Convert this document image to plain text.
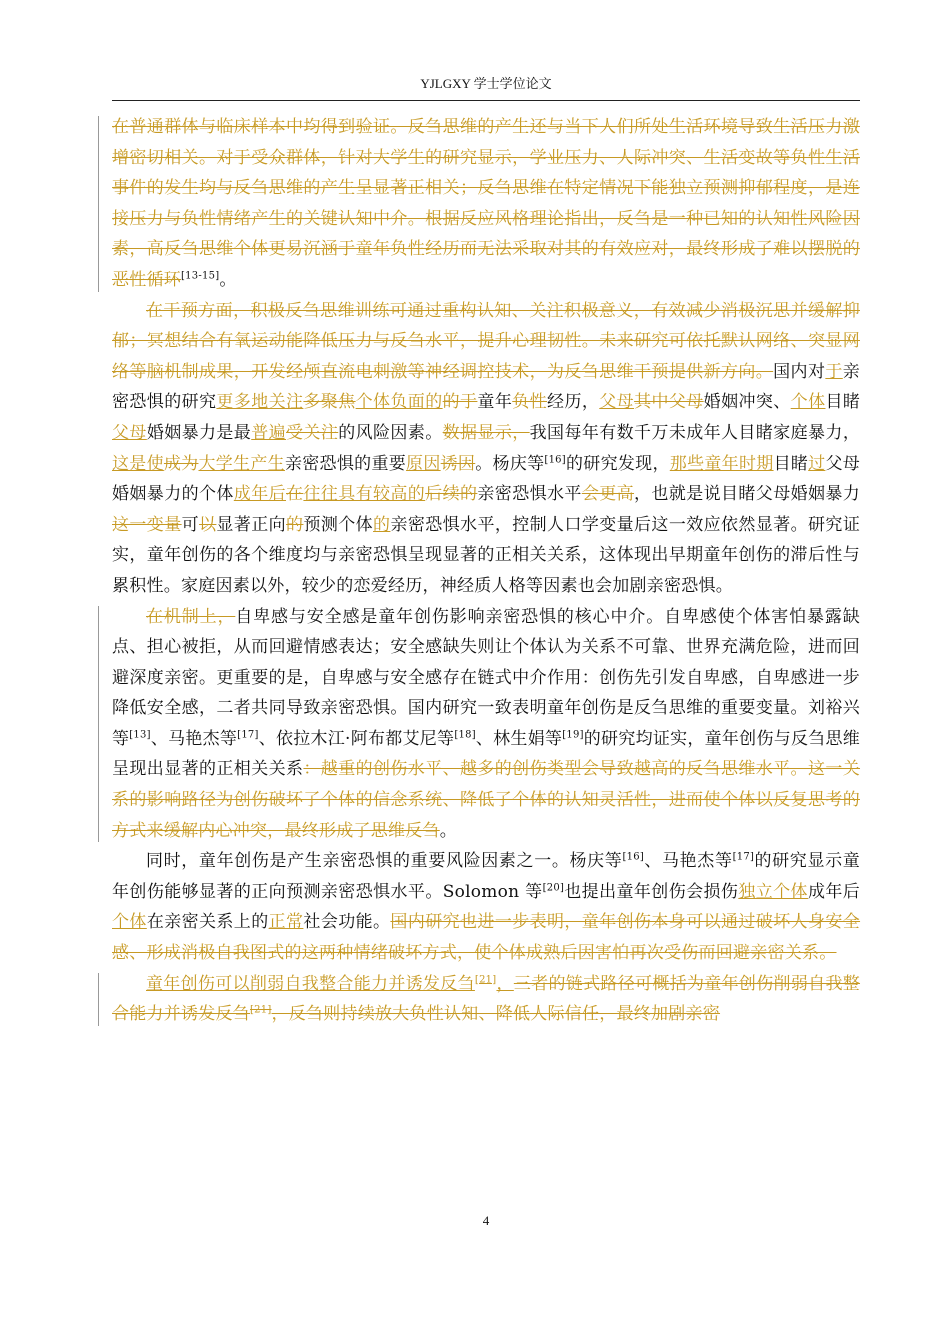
YJLGXY 学士学位论文

在普通群体与临床样本中均得到验证。反刍思维的产生还与当下人们所处生活环境导致生活压力激增密切相关。对于受众群体，针对大学生的研究显示，学业压力、人际冲突、生活变故等负性生活事件的发生均与反刍思维的产生呈显著正相关；反刍思维在特定情况下能独立预测抑郁程度，是连接压力与负性情绪产生的关键认知中介。根据反应风格理论指出，反刍是一种已知的认知性风险因素，高反刍思维个体更易沉涵于童年负性经历而无法采取对其的有效应对，最终形成了难以摆脱的恶性循环[13-15]。

在干预方面，积极反刍思维训练可通过重构认知、关注积极意义，有效减少消极沉思并缓解抑郁；冥想结合有氧运动能降低压力与反刍水平，提升心理韧性。未来研究可依托默认网络、突显网络等脑机制成果，开发经颅直流电刺激等神经调控技术，为反刍思维干预提供新方向。国内对于亲密恐惧的研究更多地关注多聚焦个体负面的的于童年负性经历，父母其中父母婚姻冲突、个体目睹父母婚姻暴力是最普遍受关注的风险因素。数据显示，我国每年有数千万未成年人目睹家庭暴力，这是使成为大学生产生亲密恐惧的重要原因诱因。杨庆等[16]的研究发现，那些童年时期目睹过父母婚姻暴力的个体成年后在往往具有较高的后续的亲密恐惧水平会更高，也就是说目睹父母婚姻暴力这一变量可以显著正向的预测个体的亲密恐惧水平，控制人口学变量后这一效应依然显著。研究证实，童年创伤的各个维度均与亲密恐惧呈现显著的正相关关系，这体现出早期童年创伤的滞后性与累积性。家庭因素以外，较少的恋爱经历，神经质人格等因素也会加剧亲密恐惧。

在机制上，自卑感与安全感是童年创伤影响亲密恐惧的核心中介。自卑感使个体害怕暴露缺点、担心被拒，从而回避情感表达；安全感缺失则让个体认为关系不可靠、世界充满危险，进而回避深度亲密。更重要的是，自卑感与安全感存在链式中介作用：创伤先引发自卑感，自卑感进一步降低安全感，二者共同导致亲密恐惧。国内研究一致表明童年创伤是反刍思维的重要变量。刘裕兴等[13]、马艳杰等[17]、依拉木江·阿布都艾尼等[18]、林生娟等[19]的研究均证实，童年创伤与反刍思维呈现出显著的正相关关系：越重的创伤水平、越多的创伤类型会导致越高的反刍思维水平。这一关系的影响路径为创伤破坏了个体的信念系统、降低了个体的认知灵活性，进而使个体以反复思考的方式来缓解内心冲突，最终形成了思维反刍。

同时，童年创伤是产生亲密恐惧的重要风险因素之一。杨庆等[16]、马艳杰等[17]的研究显示童年创伤能够显著的正向预测亲密恐惧水平。Solomon 等[20]也提出童年创伤会损伤独立个体成年后个体在亲密关系上的正常社会功能。国内研究也进一步表明，童年创伤本身可以通过破坏人身安全感、形成消极自我图式的这两种情绪破坏方式，使个体成熟后因害怕再次受伤而回避亲密关系。

童年创伤可以削弱自我整合能力并诱发反刍[21]，三者的链式路径可概括为童年创伤削弱自我整合能力并诱发反刍[21]，反刍则持续放大负性认知、降低人际信任，最终加剧亲密

4
